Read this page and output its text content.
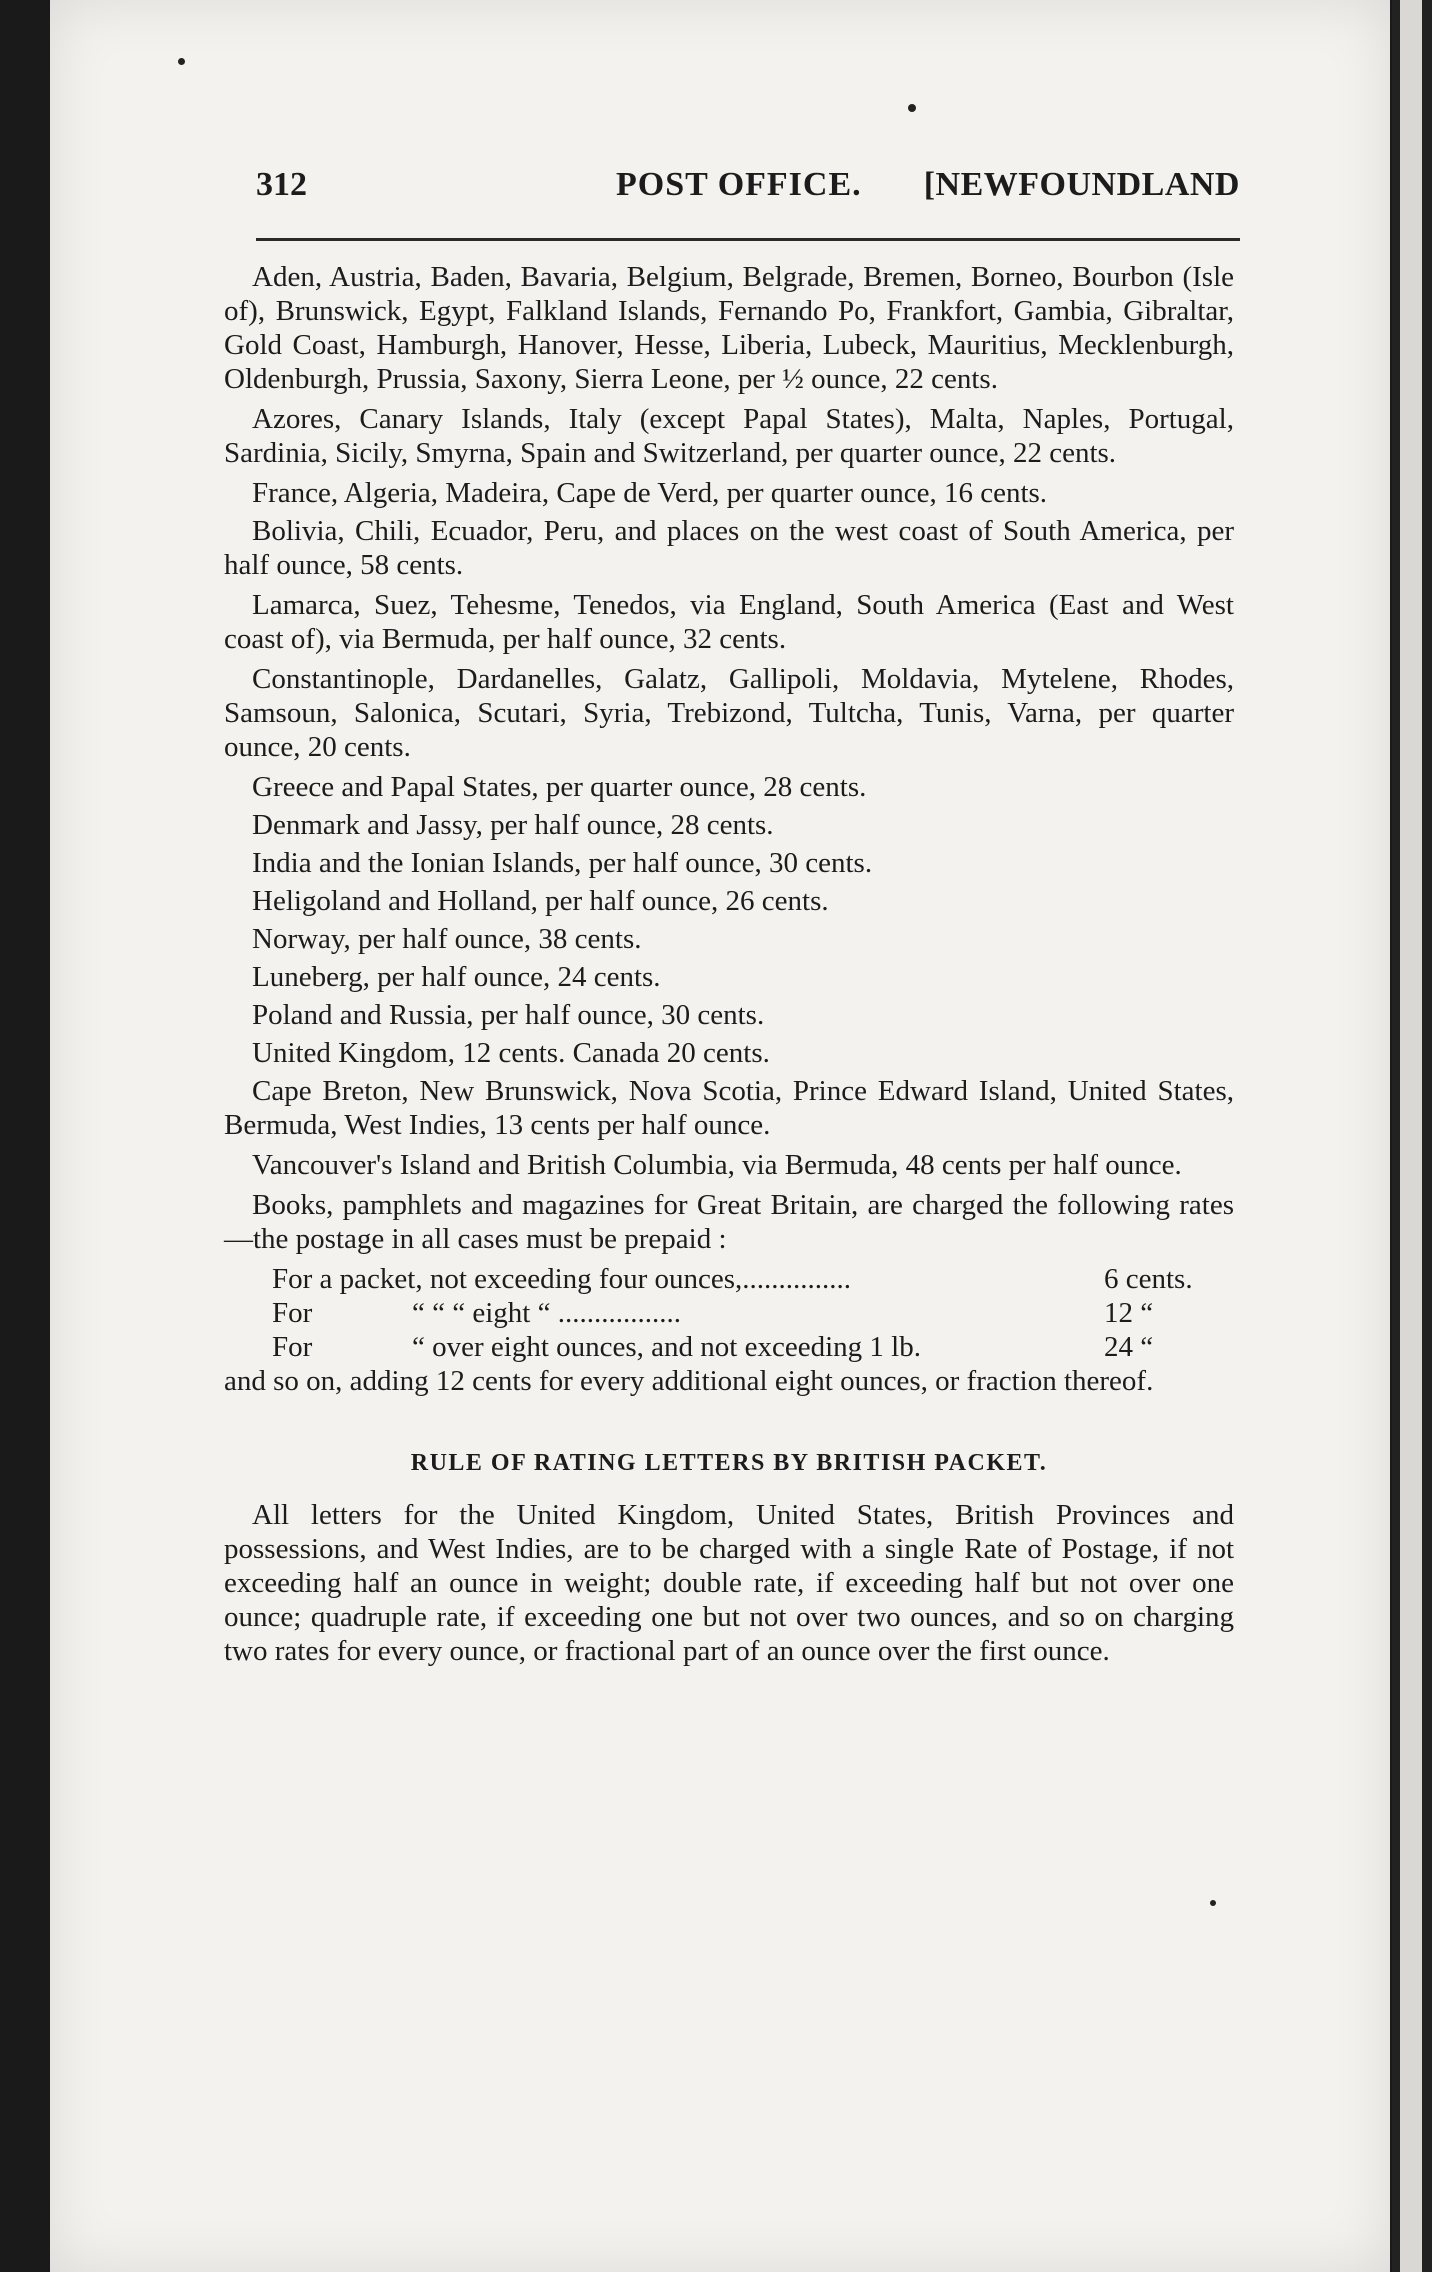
312	POST OFFICE. [NEWFOUNDLAND

Aden, Austria, Baden, Bavaria, Belgium, Belgrade, Bremen, Borneo, Bourbon (Isle of), Brunswick, Egypt, Falkland Islands, Fernando Po, Frankfort, Gambia, Gibraltar, Gold Coast, Hamburgh, Hanover, Hesse, Liberia, Lubeck, Mauritius, Mecklenburgh, Oldenburgh, Prussia, Saxony, Sierra Leone, per ½ ounce, 22 cents.

Azores, Canary Islands, Italy (except Papal States), Malta, Naples, Portugal, Sardinia, Sicily, Smyrna, Spain and Switzerland, per quarter ounce, 22 cents.

France, Algeria, Madeira, Cape de Verd, per quarter ounce, 16 cents.

Bolivia, Chili, Ecuador, Peru, and places on the west coast of South America, per half ounce, 58 cents.

Lamarca, Suez, Tehesme, Tenedos, via England, South America (East and West coast of), via Bermuda, per half ounce, 32 cents.

Constantinople, Dardanelles, Galatz, Gallipoli, Moldavia, Mytelene, Rhodes, Samsoun, Salonica, Scutari, Syria, Trebizond, Tultcha, Tunis, Varna, per quarter ounce, 20 cents.

Greece and Papal States, per quarter ounce, 28 cents.

Denmark and Jassy, per half ounce, 28 cents.

India and the Ionian Islands, per half ounce, 30 cents.

Heligoland and Holland, per half ounce, 26 cents.

Norway, per half ounce, 38 cents.

Luneberg, per half ounce, 24 cents.

Poland and Russia, per half ounce, 30 cents.

United Kingdom, 12 cents. Canada 20 cents.

Cape Breton, New Brunswick, Nova Scotia, Prince Edward Island, United States, Bermuda, West Indies, 13 cents per half ounce.

Vancouver's Island and British Columbia, via Bermuda, 48 cents per half ounce.

Books, pamphlets and magazines for Great Britain, are charged the following rates—the postage in all cases must be prepaid :

For a packet, not exceeding four ounces, ...............	6 cents.
For	“ “ “ eight “ .................	12 “
For	“ over eight ounces, and not exceeding 1 lb.	24 “

and so on, adding 12 cents for every additional eight ounces, or fraction thereof.

RULE OF RATING LETTERS BY BRITISH PACKET.

All letters for the United Kingdom, United States, British Provinces and possessions, and West Indies, are to be charged with a single Rate of Postage, if not exceeding half an ounce in weight; double rate, if exceeding half but not over one ounce; quadruple rate, if exceeding one but not over two ounces, and so on charging two rates for every ounce, or fractional part of an ounce over the first ounce.
